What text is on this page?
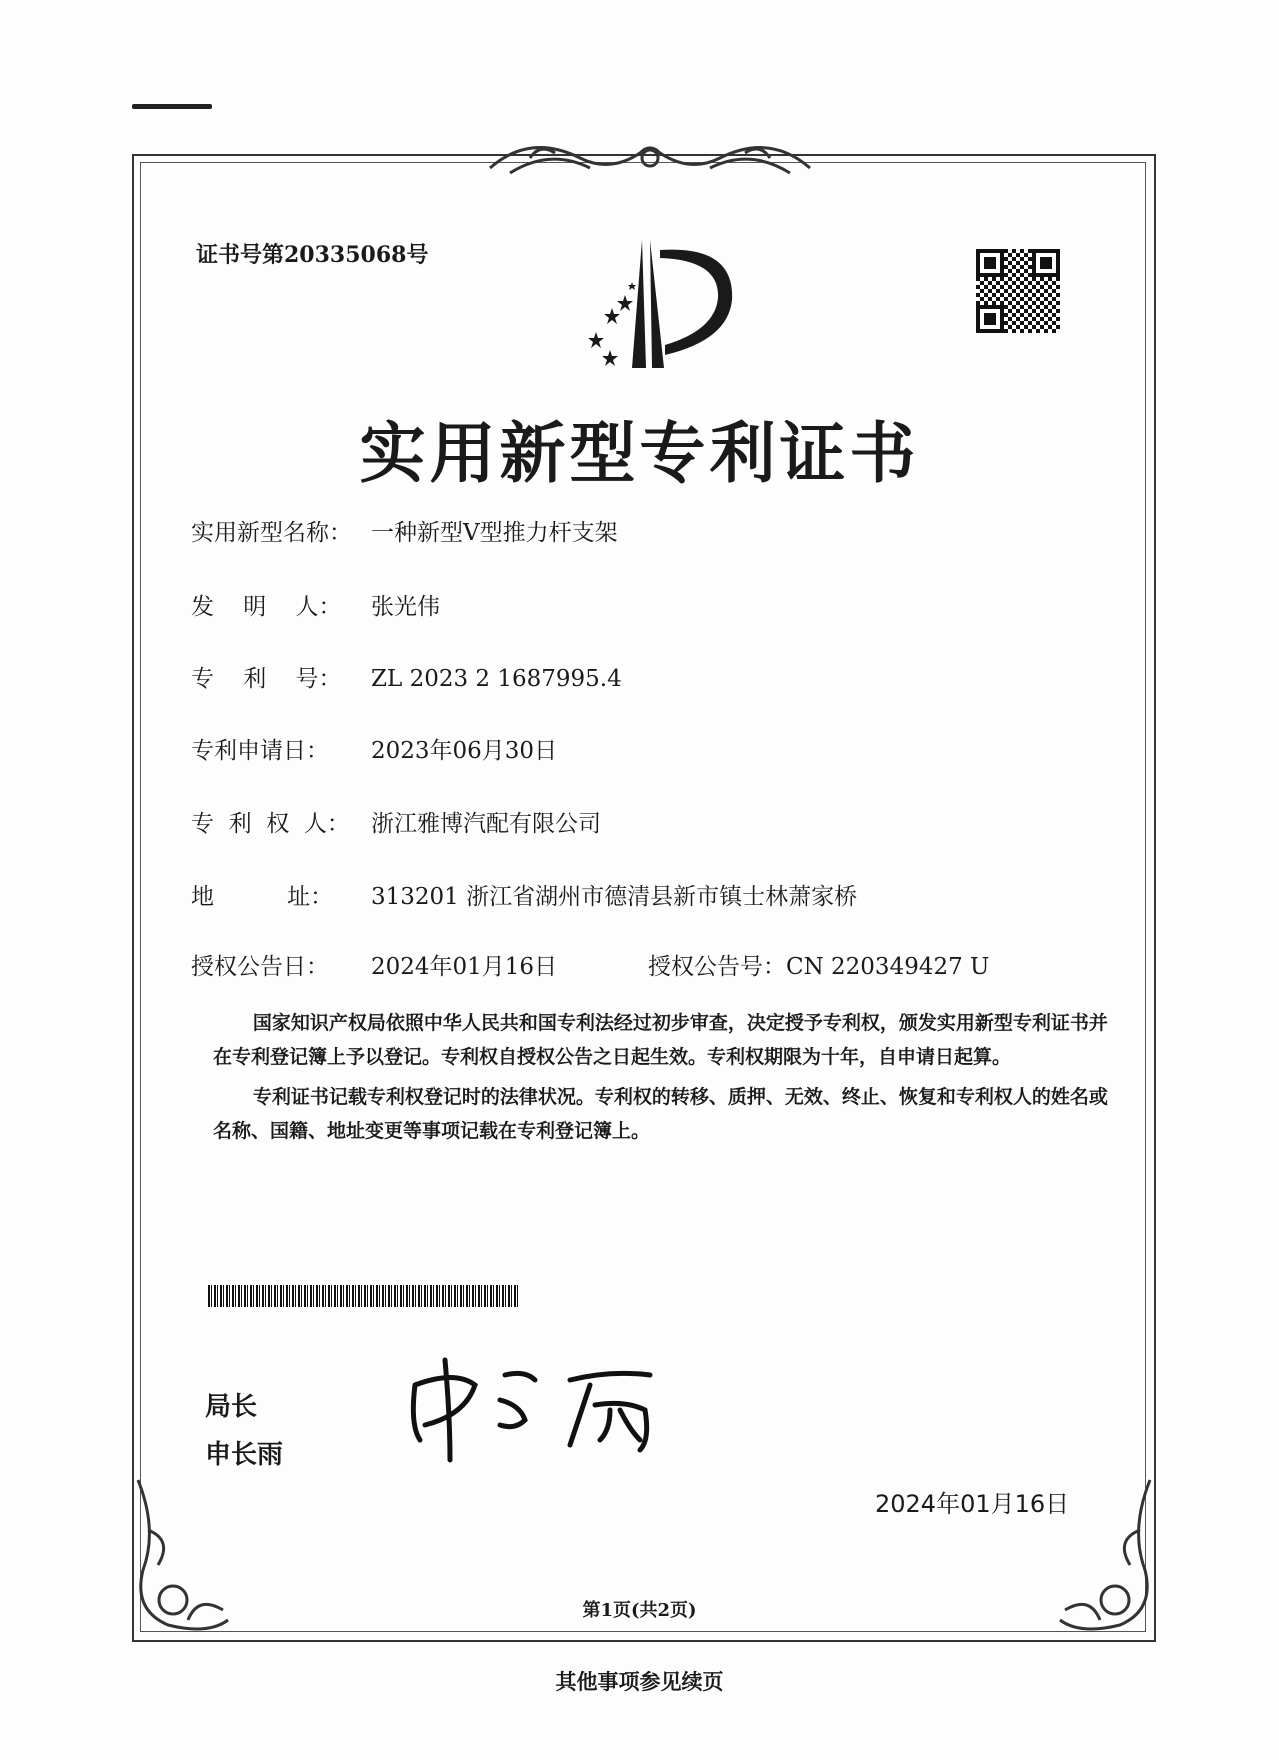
证书号第20335068号
实用新型专利证书
实用新型名称： 一种新型V型推力杆支架
发    明    人：	张光伟
专    利    号：	ZL 2023 2 1687995.4
专利申请日：	2023年06月30日
专  利  权  人： 浙江雅博汽配有限公司
地          址：	313201 浙江省湖州市德清县新市镇士林萧家桥
授权公告日：	2024年01月16日	授权公告号： CN 220349427 U

国家知识产权局依照中华人民共和国专利法经过初步审查，决定授予专利权，颁发实用新型专利证书并在专利登记簿上予以登记。专利权自授权公告之日起生效。专利权期限为十年，自申请日起算。

专利证书记载专利权登记时的法律状况。专利权的转移、质押、无效、终止、恢复和专利权人的姓名或名称、国籍、地址变更等事项记载在专利登记簿上。

局长
申长雨
2024年01月16日
第1页(共2页)
其他事项参见续页
